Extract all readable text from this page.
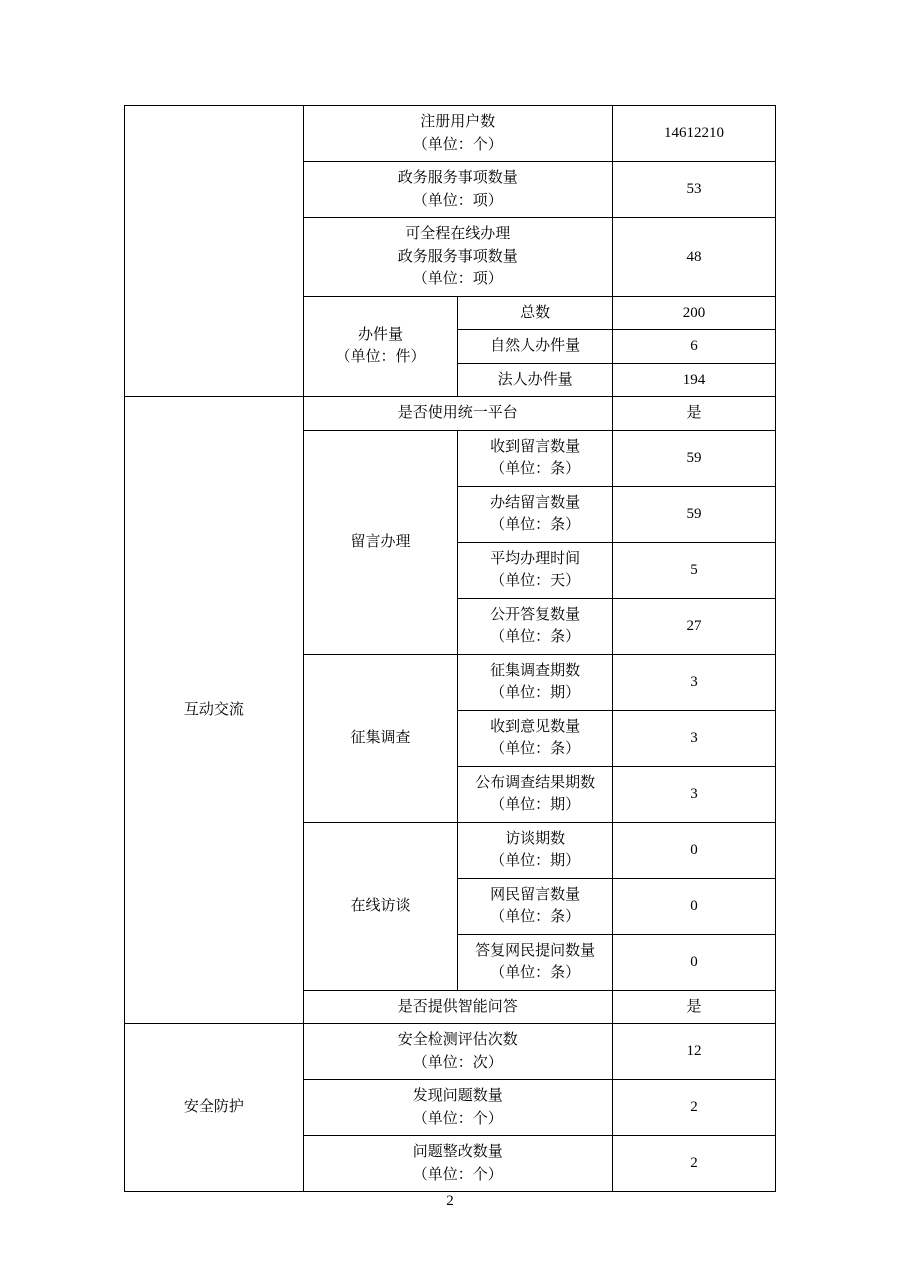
	注册用户数
（单位：个）		14612210

	政务服务事项数量
（单位：项）		53

	可全程在线办理
政务服务事项数量
（单位：项）		48

	办件量
（单位：件）	总数	200
		自然人办件量	6
		法人办件量	194
互动交流	是否使用统一平台		是
	留言办理	收到留言数量
（单位：条）	59

		办结留言数量
（单位：条）	59

		平均办理时间
（单位：天）	5

		公开答复数量
（单位：条）	27
	征集调查	征集调查期数
（单位：期）	3

		收到意见数量
（单位：条）	3

		公布调查结果期数
（单位：期）	3
	在线访谈	访谈期数
（单位：期）	0

		网民留言数量
（单位：条）	0

		答复网民提问数量
（单位：条）	0
	是否提供智能问答		是
安全防护	安全检测评估次数
（单位：次）		12

	发现问题数量
（单位：个）		2

	问题整改数量
（单位：个）		2
2
